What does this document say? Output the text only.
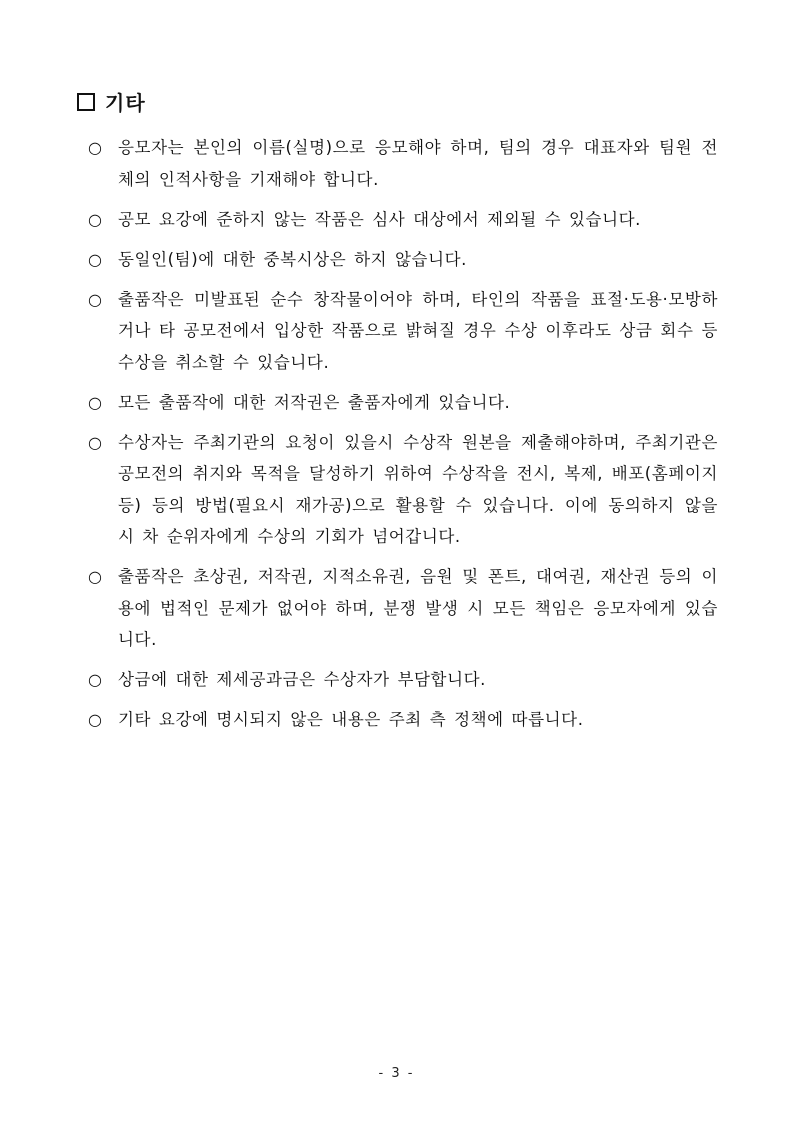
기타
○ 응모자는 본인의 이름(실명)으로 응모해야 하며, 팀의 경우 대표자와 팀원 전체의 인적사항을 기재해야 합니다.
○ 공모 요강에 준하지 않는 작품은 심사 대상에서 제외될 수 있습니다.
○ 동일인(팀)에 대한 중복시상은 하지 않습니다.
○ 출품작은 미발표된 순수 창작물이어야 하며, 타인의 작품을 표절·도용·모방하거나 타 공모전에서 입상한 작품으로 밝혀질 경우 수상 이후라도 상금 회수 등 수상을 취소할 수 있습니다.
○ 모든 출품작에 대한 저작권은 출품자에게 있습니다.
○ 수상자는 주최기관의 요청이 있을시 수상작 원본을 제출해야하며, 주최기관은 공모전의 취지와 목적을 달성하기 위하여 수상작을 전시, 복제, 배포(홈페이지 등) 등의 방법(필요시 재가공)으로 활용할 수 있습니다. 이에 동의하지 않을 시 차 순위자에게 수상의 기회가 넘어갑니다.
○ 출품작은 초상권, 저작권, 지적소유권, 음원 및 폰트, 대여권, 재산권 등의 이용에 법적인 문제가 없어야 하며, 분쟁 발생 시 모든 책임은 응모자에게 있습니다.
○ 상금에 대한 제세공과금은 수상자가 부담합니다.
○ 기타 요강에 명시되지 않은 내용은 주최 측 정책에 따릅니다.
- 3 -
